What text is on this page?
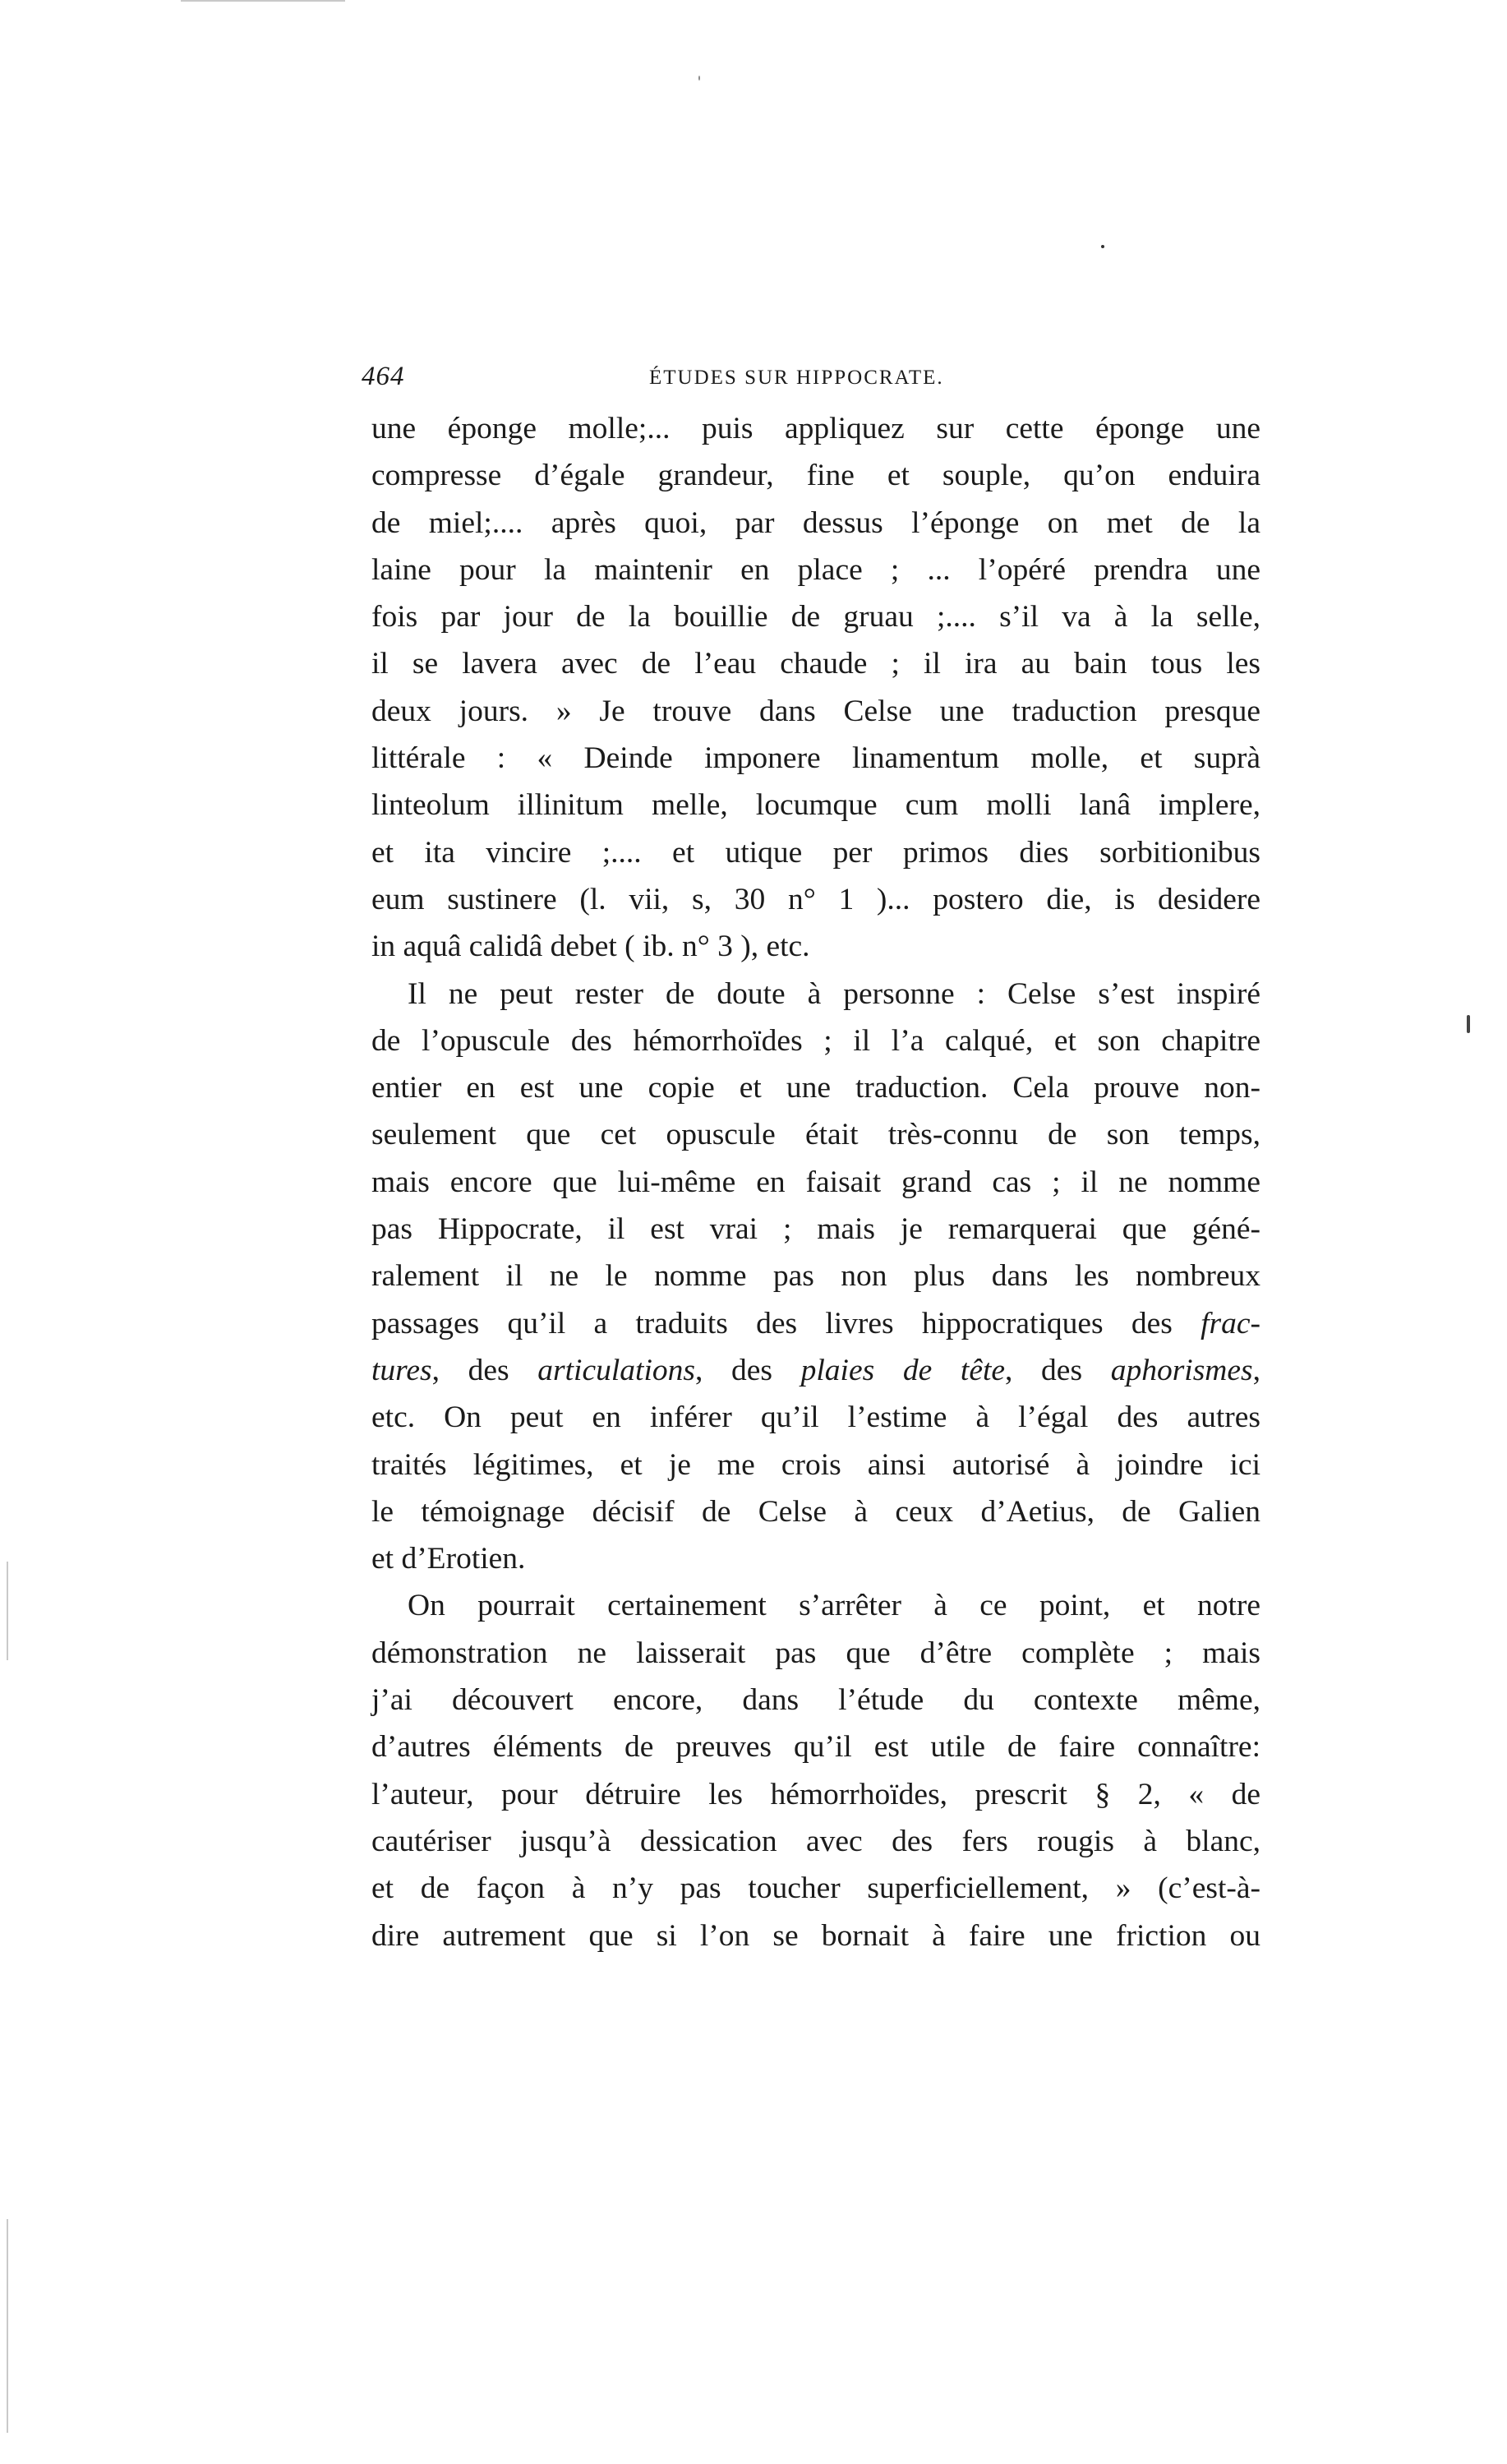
464	ÉTUDES SUR HIPPOCRATE.
une éponge molle;... puis appliquez sur cette éponge une
compresse d’égale grandeur, fine et souple, qu’on enduira
de miel;.... après quoi, par dessus l’éponge on met de la
laine pour la maintenir en place ; ... l’opéré prendra une
fois par jour de la bouillie de gruau ;.... s’il va à la selle,
il se lavera avec de l’eau chaude ; il ira au bain tous les
deux jours. » Je trouve dans Celse une traduction presque
littérale : « Deinde imponere linamentum molle, et suprà
linteolum illinitum melle, locumque cum molli lanâ implere,
et ita vincire ;.... et utique per primos dies sorbitionibus
eum sustinere (l. vii, s, 30 n° 1 )... postero die, is desidere
in aquâ calidâ debet ( ib. n° 3 ), etc.
Il ne peut rester de doute à personne : Celse s’est inspiré
de l’opuscule des hémorrhoïdes ; il l’a calqué, et son chapitre
entier en est une copie et une traduction. Cela prouve non-
seulement que cet opuscule était très-connu de son temps,
mais encore que lui-même en faisait grand cas ; il ne nomme
pas Hippocrate, il est vrai ; mais je remarquerai que géné-
ralement il ne le nomme pas non plus dans les nombreux
passages qu’il a traduits des livres hippocratiques des frac-
tures, des articulations, des plaies de tête, des aphorismes,
etc. On peut en inférer qu’il l’estime à l’égal des autres
traités légitimes, et je me crois ainsi autorisé à joindre ici
le témoignage décisif de Celse à ceux d’Aetius, de Galien
et d’Erotien.
On pourrait certainement s’arrêter à ce point, et notre
démonstration ne laisserait pas que d’être complète ; mais
j’ai découvert encore, dans l’étude du contexte même,
d’autres éléments de preuves qu’il est utile de faire connaître:
l’auteur, pour détruire les hémorrhoïdes, prescrit § 2, « de
cautériser jusqu’à dessication avec des fers rougis à blanc,
et de façon à n’y pas toucher superficiellement, » (c’est-à-
dire autrement que si l’on se bornait à faire une friction ou
